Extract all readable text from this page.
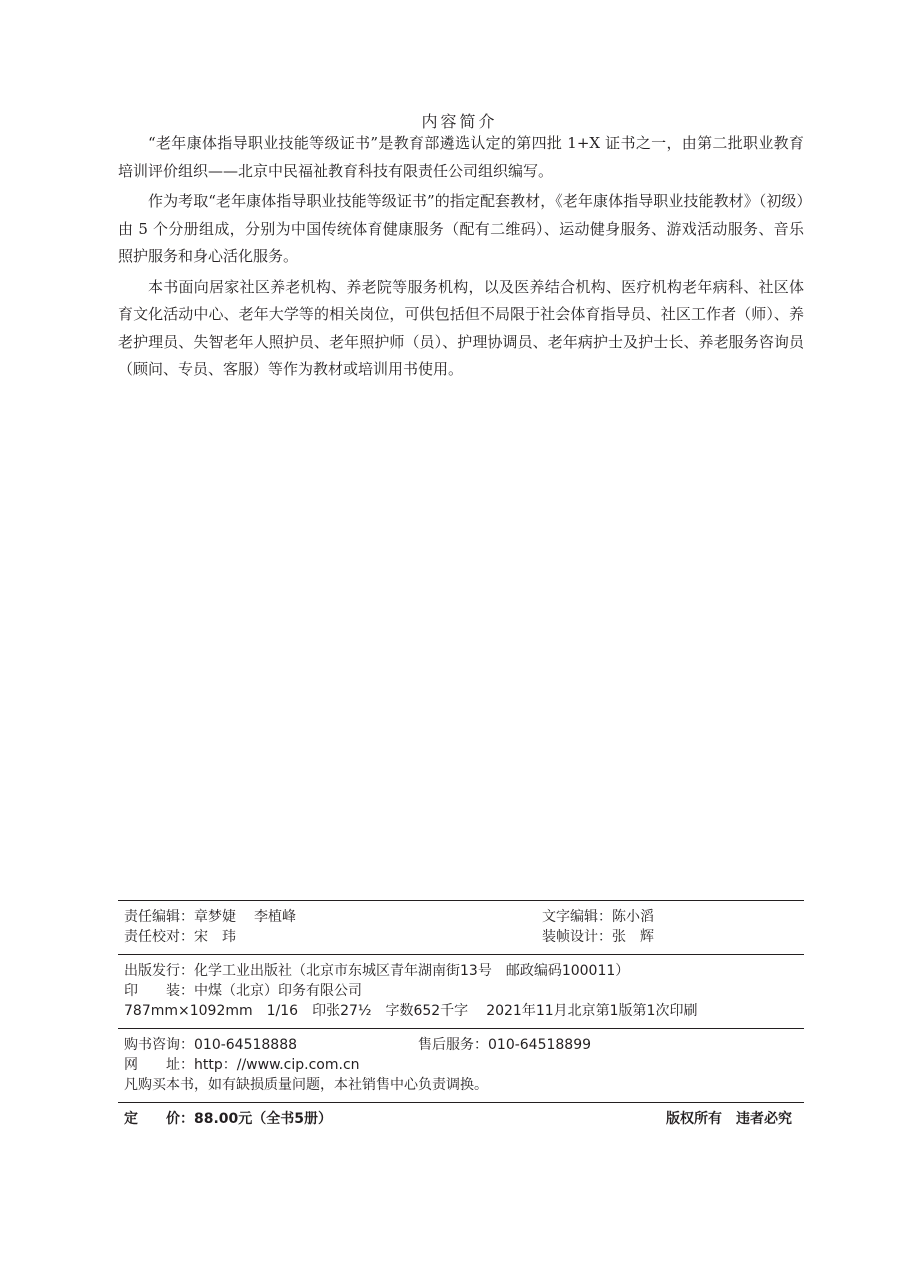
内容简介

“老年康体指导职业技能等级证书”是教育部遴选认定的第四批 1+X 证书之一，由第二批职业教育培训评价组织——北京中民福祉教育科技有限责任公司组织编写。

作为考取“老年康体指导职业技能等级证书”的指定配套教材，《老年康体指导职业技能教材》（初级）由 5 个分册组成，分别为中国传统体育健康服务（配有二维码）、运动健身服务、游戏活动服务、音乐照护服务和身心活化服务。

本书面向居家社区养老机构、养老院等服务机构，以及医养结合机构、医疗机构老年病科、社区体育文化活动中心、老年大学等的相关岗位，可供包括但不局限于社会体育指导员、社区工作者（师）、养老护理员、失智老年人照护员、老年照护师（员）、护理协调员、老年病护士及护士长、养老服务咨询员（顾问、专员、客服）等作为教材或培训用书使用。

责任编辑：章梦婕 李植峰	文字编辑：陈小滔
责任校对：宋　玮	装帧设计：张　辉
出版发行：化学工业出版社（北京市东城区青年湖南街13号　邮政编码100011）
印　　装：中煤（北京）印务有限公司
787mm×1092mm　1/16　印张27½　字数652千字 2021年11月北京第1版第1次印刷
购书咨询：010-64518888	售后服务：010-64518899
网　　址：http：//www.cip.com.cn
凡购买本书，如有缺损质量问题，本社销售中心负责调换。
定　　价：88.00元（全书5册）	版权所有　违者必究
